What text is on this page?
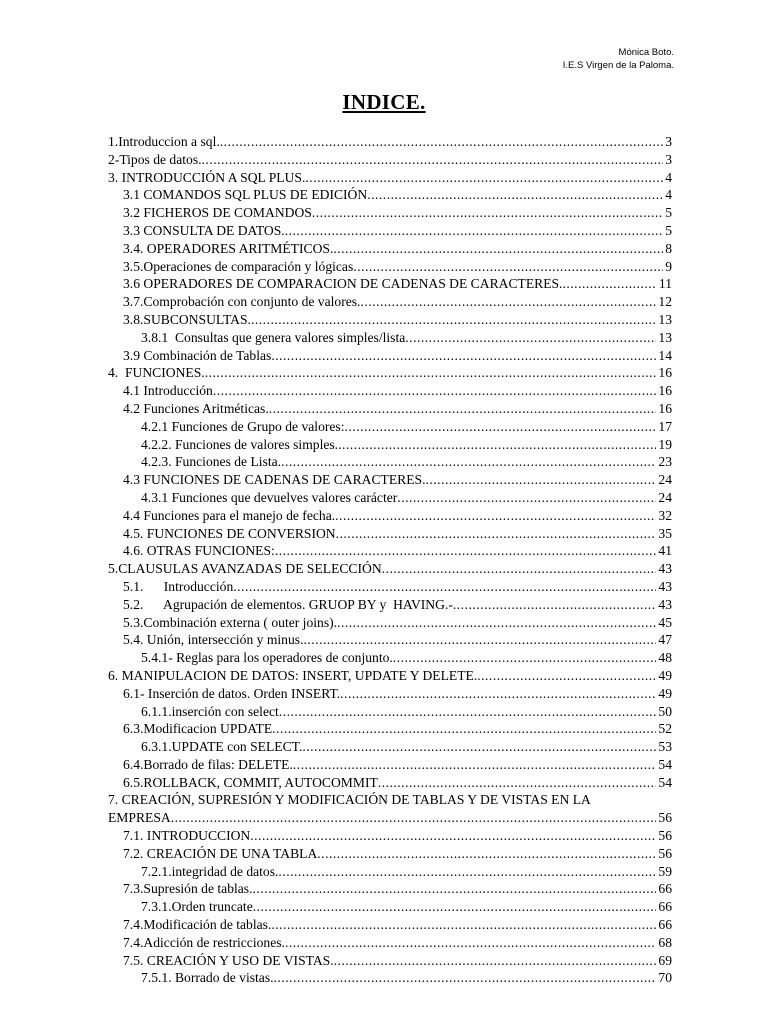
Mónica Boto.
I.E.S Virgen de la Paloma.
INDICE.
1.Introduccion a sql. .....	3
2-Tipos de datos. .....	3
3. INTRODUCCIÓN A SQL PLUS. .....	4
3.1 COMANDOS SQL PLUS DE EDICIÓN .....	4
3.2 FICHEROS DE COMANDOS .....	5
3.3 CONSULTA DE DATOS. .....	5
3.4. OPERADORES ARITMÉTICOS. .....	8
3.5.Operaciones de comparación y lógicas .....	9
3.6 OPERADORES DE COMPARACION DE CADENAS DE CARACTERES. .....	11
3.7.Comprobación con conjunto de valores. .....	12
3.8.SUBCONSULTAS. .....	13
3.8.1  Consultas que genera valores simples/lista .....	13
3.9 Combinación de Tablas .....	14
4.  FUNCIONES. .....	16
4.1 Introducción .....	16
4.2 Funciones Aritméticas. .....	16
4.2.1 Funciones de Grupo de valores: .....	17
4.2.2. Funciones de valores simples. .....	19
4.2.3. Funciones de Lista. .....	23
4.3 FUNCIONES DE CADENAS DE CARACTERES. .....	24
4.3.1 Funciones que devuelves valores carácter .....	24
4.4 Funciones para el manejo de fecha. .....	32
4.5. FUNCIONES DE CONVERSION .....	35
4.6. OTRAS FUNCIONES: .....	41
5.CLAUSULAS AVANZADAS DE SELECCIÓN .....	43
5.1.      Introducción .....	43
5.2.      Agrupación de elementos. GRUOP BY y  HAVING.- .....	43
5.3.Combinación externa ( outer joins). .....	45
5.4. Unión, intersección y minus. .....	47
5.4.1- Reglas para los operadores de conjunto. .....	48
6. MANIPULACION DE DATOS: INSERT, UPDATE Y DELETE. .....	49
6.1- Inserción de datos. Orden INSERT. .....	49
6.1.1.inserción con select .....	50
6.3.Modificacion UPDATE .....	52
6.3.1.UPDATE con SELECT. .....	53
6.4.Borrado de filas: DELETE. .....	54
6.5.ROLLBACK, COMMIT, AUTOCOMMIT .....	54
7. CREACIÓN, SUPRESIÓN Y MODIFICACIÓN DE TABLAS Y DE VISTAS EN LA
EMPRESA .....	56
7.1. INTRODUCCION .....	56
7.2. CREACIÓN DE UNA TABLA .....	56
7.2.1.integridad de datos. .....	59
7.3.Supresión de tablas. .....	66
7.3.1.Orden truncate .....	66
7.4.Modificación de tablas. .....	66
7.4.Adicción de restricciones. .....	68
7.5. CREACIÓN Y USO DE VISTAS. .....	69
7.5.1. Borrado de vistas. .....	70
